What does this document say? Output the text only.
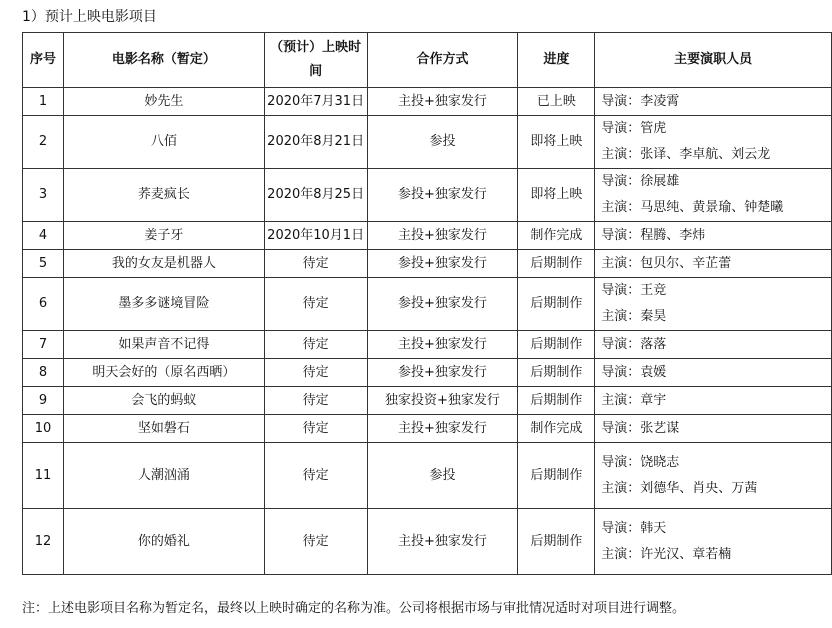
1）预计上映电影项目
序号	电影名称（暂定）	（预计）上映时间	合作方式	进度	主要演职人员
1	妙先生	2020年7月31日	主投+独家发行	已上映	导演：李凌霄

2	八佰	2020年8月21日	参投	即将上映	导演：管虎
主演：张译、李卓航、刘云龙

3	荞麦疯长	2020年8月25日	参投+独家发行	即将上映	导演：徐展雄
主演：马思纯、黄景瑜、钟楚曦

4	姜子牙	2020年10月1日	主投+独家发行	制作完成	导演：程腾、李炜

5	我的女友是机器人	待定	参投+独家发行	后期制作	主演：包贝尔、辛芷蕾

6	墨多多谜境冒险	待定	参投+独家发行	后期制作	导演：王竞
主演：秦昊

7	如果声音不记得	待定	主投+独家发行	后期制作	导演：落落

8	明天会好的（原名西晒）	待定	参投+独家发行	后期制作	导演：袁媛

9	会飞的蚂蚁	待定	独家投资+独家发行	后期制作	主演：章宇

10	坚如磐石	待定	主投+独家发行	制作完成	导演：张艺谋

11	人潮汹涌	待定	参投	后期制作	导演：饶晓志
主演：刘德华、肖央、万茜

12	你的婚礼	待定	主投+独家发行	后期制作	导演：韩天
主演：许光汉、章若楠
注：上述电影项目名称为暂定名，最终以上映时确定的名称为准。公司将根据市场与审批情况适时对项目进行调整。
